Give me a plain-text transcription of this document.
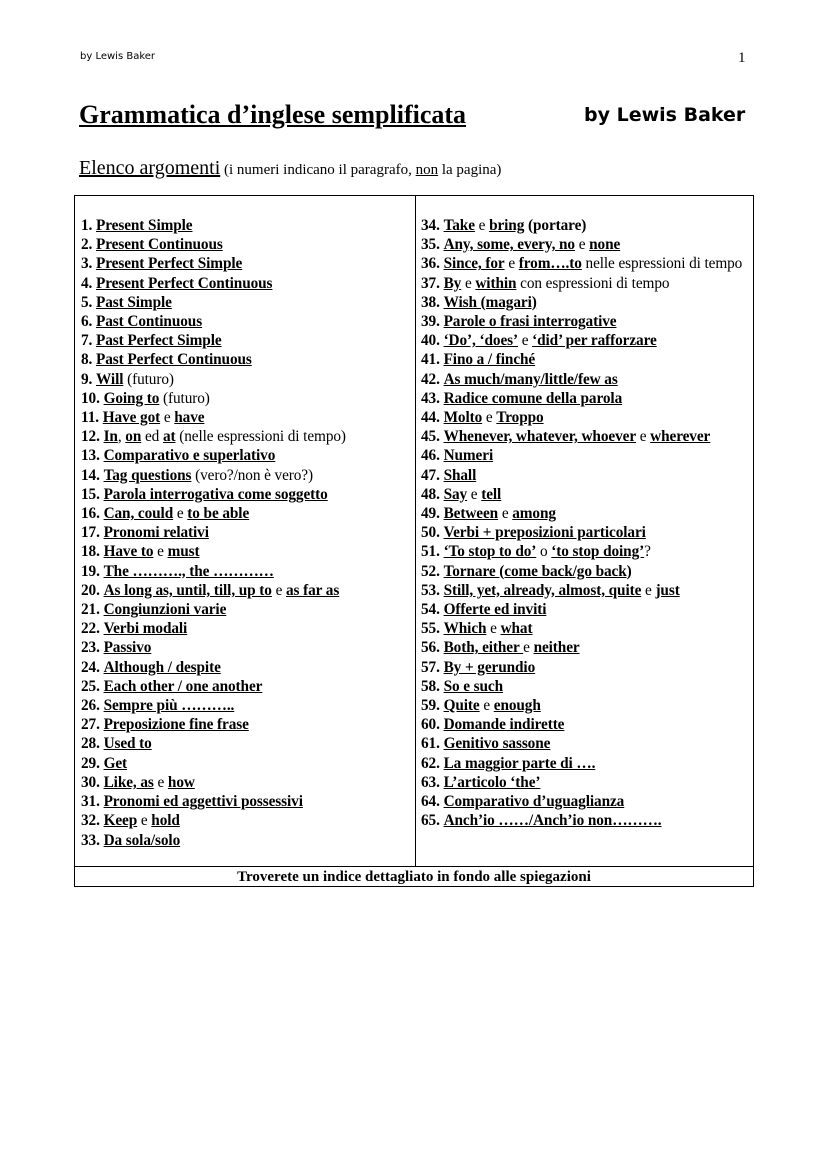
by Lewis Baker	1
Grammatica d’inglese semplificata	by Lewis Baker
Elenco argomenti (i numeri indicano il paragrafo, non la pagina)
1. Present Simple
2. Present Continuous
3. Present Perfect Simple
4. Present Perfect Continuous
5. Past Simple
6. Past Continuous
7. Past Perfect Simple
8. Past Perfect Continuous
9. Will (futuro)
10. Going to (futuro)
11. Have got e have
12. In, on ed at (nelle espressioni di tempo)
13. Comparativo e superlativo
14. Tag questions (vero?/non è vero?)
15. Parola interrogativa come soggetto
16. Can, could e to be able
17. Pronomi relativi
18. Have to e must
19. The ………., the …………
20. As long as, until, till, up to e as far as
21. Congiunzioni varie
22. Verbi modali
23. Passivo
24. Although / despite
25. Each other / one another
26. Sempre più ………..
27. Preposizione fine frase
28. Used to
29. Get
30. Like, as e how
31. Pronomi ed aggettivi possessivi
32. Keep e hold
33. Da sola/solo
34. Take e bring (portare)
35. Any, some, every, no e none
36. Since, for e from….to nelle espressioni di tempo
37. By e within con espressioni di tempo
38. Wish (magari)
39. Parole o frasi interrogative
40. ‘Do’, ‘does’ e ‘did’ per rafforzare
41. Fino a / finché
42. As much/many/little/few as
43. Radice comune della parola
44. Molto e Troppo
45. Whenever, whatever, whoever e wherever
46. Numeri
47. Shall
48. Say e tell
49. Between e among
50. Verbi + preposizioni particolari
51. ‘To stop to do’ o ‘to stop doing’?
52. Tornare (come back/go back)
53. Still, yet, already, almost, quite e just
54. Offerte ed inviti
55. Which e what
56. Both, either e neither
57. By + gerundio
58. So e such
59. Quite e enough
60. Domande indirette
61. Genitivo sassone
62. La maggior parte di ….
63. L’articolo ‘the’
64. Comparativo d’uguaglianza
65. Anch’io ……/Anch’io non……….
Troverete un indice dettagliato in fondo alle spiegazioni
